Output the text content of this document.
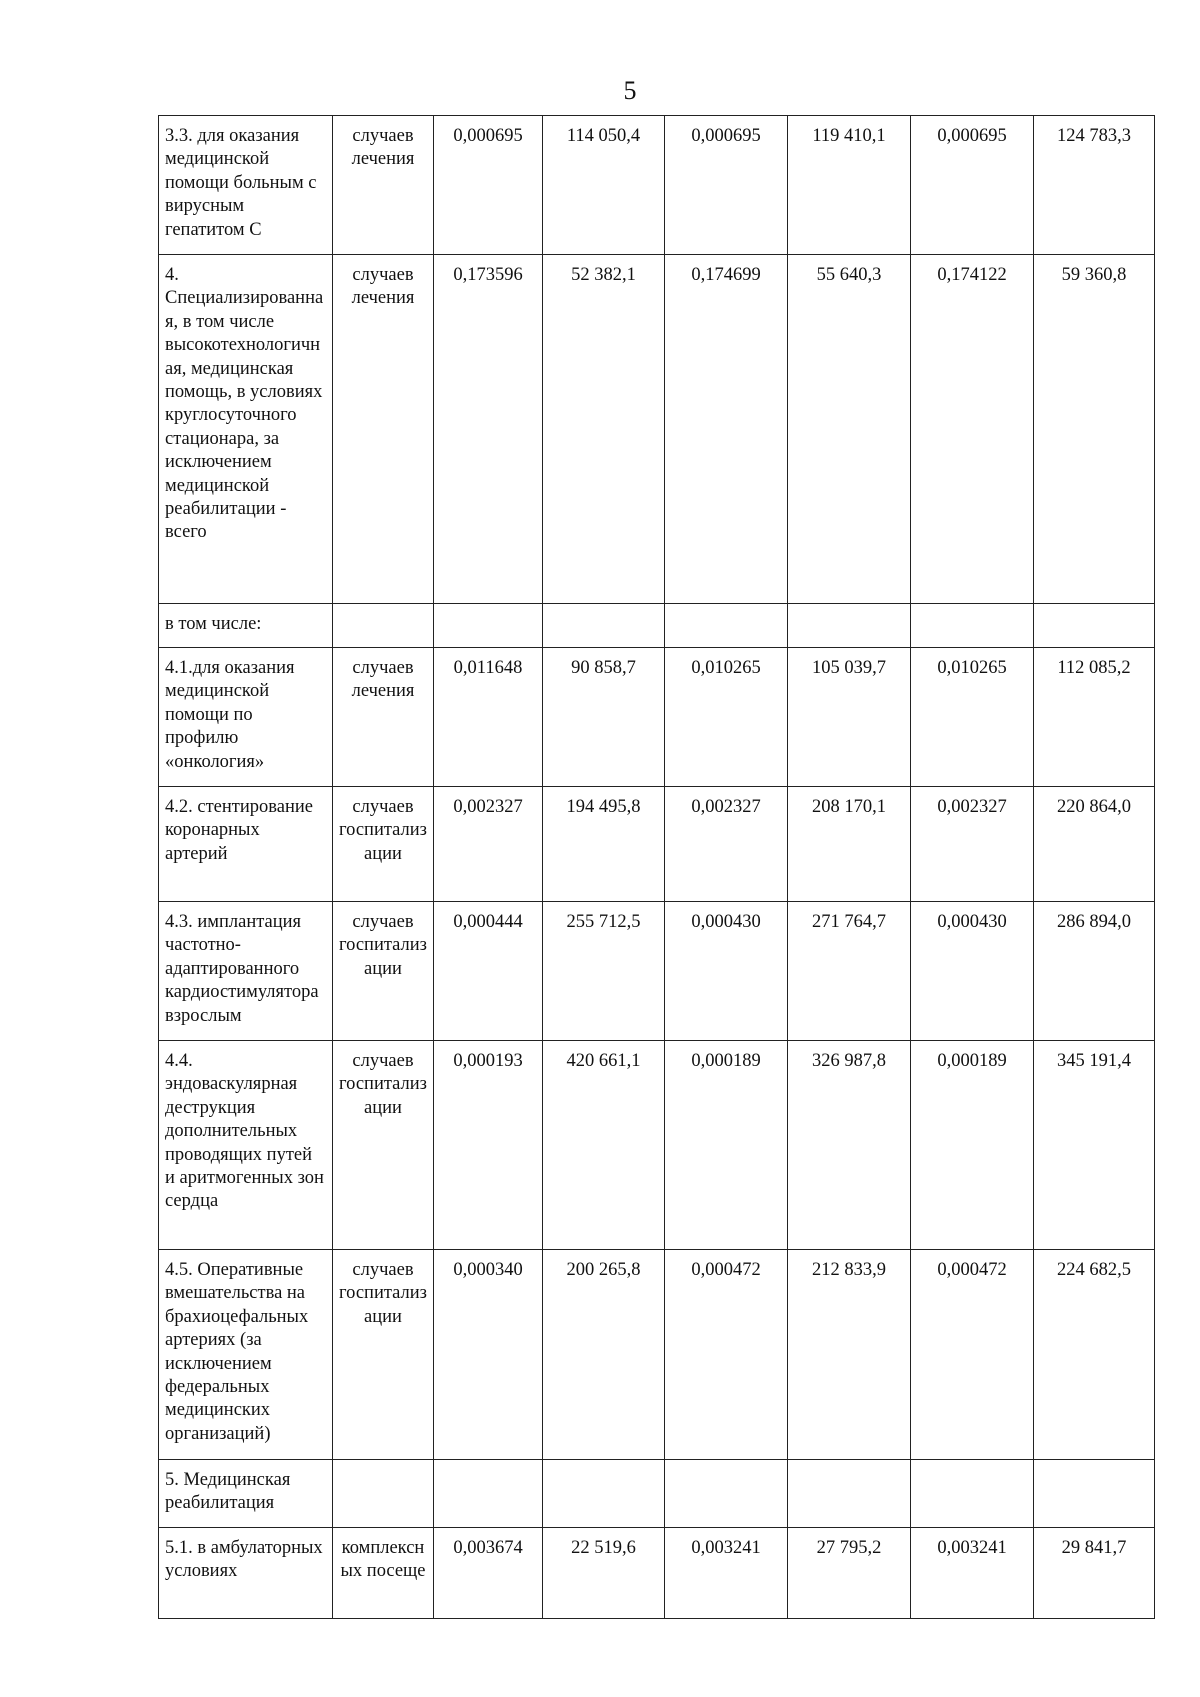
5
3.3. для оказания медицинской помощи больным с вирусным гепатитом С	случаев лечения	0,000695	114 050,4	0,000695	119 410,1	0,000695	124 783,3
4. Специализированная, в том числе высокотехнологичная, медицинская помощь, в условиях круглосуточного стационара, за исключением медицинской реабилитации - всего	случаев лечения	0,173596	52 382,1	0,174699	55 640,3	0,174122	59 360,8
в том числе:							
4.1.для оказания медицинской помощи по профилю «онкология»	случаев лечения	0,011648	90 858,7	0,010265	105 039,7	0,010265	112 085,2
4.2. стентирование коронарных артерий	случаев госпитализации	0,002327	194 495,8	0,002327	208 170,1	0,002327	220 864,0
4.3. имплантация частотно-адаптированного кардиостимулятора взрослым	случаев госпитализации	0,000444	255 712,5	0,000430	271 764,7	0,000430	286 894,0
4.4. эндоваскулярная деструкция дополнительных проводящих путей и аритмогенных зон сердца	случаев госпитализации	0,000193	420 661,1	0,000189	326 987,8	0,000189	345 191,4
4.5. Оперативные вмешательства на брахиоцефальных артериях (за исключением федеральных медицинских организаций)	случаев госпитализации	0,000340	200 265,8	0,000472	212 833,9	0,000472	224 682,5
5. Медицинская реабилитация							
5.1. в амбулаторных условиях	комплексных посеще	0,003674	22 519,6	0,003241	27 795,2	0,003241	29 841,7
